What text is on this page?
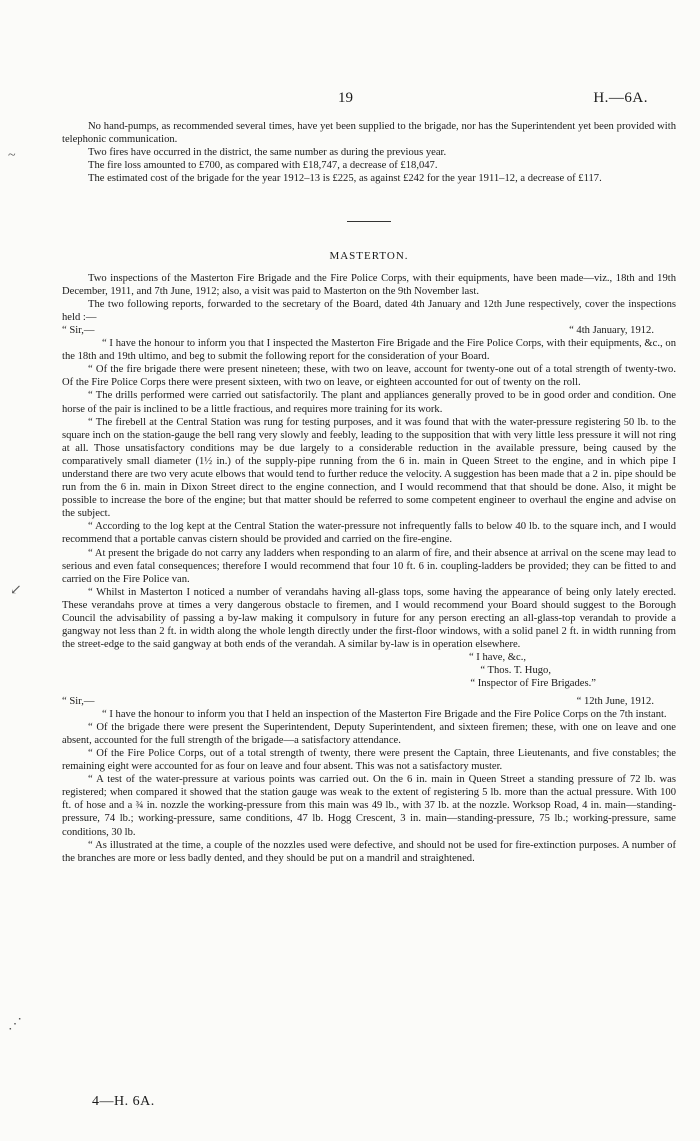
~
↙
⋰
19	H.—6A.

No hand-pumps, as recommended several times, have yet been supplied to the brigade, nor has the Superintendent yet been provided with telephonic communication.

Two fires have occurred in the district, the same number as during the previous year.

The fire loss amounted to £700, as compared with £18,747, a decrease of £18,047.

The estimated cost of the brigade for the year 1912–13 is £225, as against £242 for the year 1911–12, a decrease of £117.

MASTERTON.

Two inspections of the Masterton Fire Brigade and the Fire Police Corps, with their equipments, have been made—viz., 18th and 19th December, 1911, and 7th June, 1912; also, a visit was paid to Masterton on the 9th November last.

The two following reports, forwarded to the secretary of the Board, dated 4th January and 12th June respectively, cover the inspections held :—

“ Sir,—	“ 4th January, 1912.

“ I have the honour to inform you that I inspected the Masterton Fire Brigade and the Fire Police Corps, with their equipments, &c., on the 18th and 19th ultimo, and beg to submit the following report for the consideration of your Board.

“ Of the fire brigade there were present nineteen; these, with two on leave, account for twenty-one out of a total strength of twenty-two. Of the Fire Police Corps there were present sixteen, with two on leave, or eighteen accounted for out of twenty on the roll.

“ The drills performed were carried out satisfactorily. The plant and appliances generally proved to be in good order and condition. One horse of the pair is inclined to be a little fractious, and requires more training for its work.

“ The firebell at the Central Station was rung for testing purposes, and it was found that with the water-pressure registering 50 lb. to the square inch on the station-gauge the bell rang very slowly and feebly, leading to the supposition that with very little less pressure it will not ring at all. Those unsatisfactory conditions may be due largely to a considerable reduction in the available pressure, being caused by the comparatively small diameter (1½ in.) of the supply-pipe running from the 6 in. main in Queen Street to the engine, and in which pipe I understand there are two very acute elbows that would tend to further reduce the velocity. A suggestion has been made that a 2 in. pipe should be run from the 6 in. main in Dixon Street direct to the engine connection, and I would recommend that that should be done. Also, it might be possible to increase the bore of the engine; but that matter should be referred to some competent engineer to overhaul the engine and advise on the subject.

“ According to the log kept at the Central Station the water-pressure not infrequently falls to below 40 lb. to the square inch, and I would recommend that a portable canvas cistern should be provided and carried on the fire-engine.

“ At present the brigade do not carry any ladders when responding to an alarm of fire, and their absence at arrival on the scene may lead to serious and even fatal consequences; therefore I would recommend that four 10 ft. 6 in. coupling-ladders be provided; they can be fitted to and carried on the Fire Police van.

“ Whilst in Masterton I noticed a number of verandahs having all-glass tops, some having the appearance of being only lately erected. These verandahs prove at times a very dangerous obstacle to firemen, and I would recommend your Board should suggest to the Borough Council the advisability of passing a by-law making it compulsory in future for any person erecting an all-glass-top verandah to provide a gangway not less than 2 ft. in width along the whole length directly under the first-floor windows, with a solid panel 2 ft. in width running from the street-edge to the said gangway at both ends of the verandah. A similar by-law is in operation elsewhere.

“ I have, &c.,
“ Thos. T. Hugo,
“ Inspector of Fire Brigades.”
“ Sir,—	“ 12th June, 1912.

“ I have the honour to inform you that I held an inspection of the Masterton Fire Brigade and the Fire Police Corps on the 7th instant.

“ Of the brigade there were present the Superintendent, Deputy Superintendent, and sixteen firemen; these, with one on leave and one absent, accounted for the full strength of the brigade—a satisfactory attendance.

“ Of the Fire Police Corps, out of a total strength of twenty, there were present the Captain, three Lieutenants, and five constables; the remaining eight were accounted for as four on leave and four absent. This was not a satisfactory muster.

“ A test of the water-pressure at various points was carried out. On the 6 in. main in Queen Street a standing pressure of 72 lb. was registered; when compared it showed that the station gauge was weak to the extent of registering 5 lb. more than the actual pressure. With 100 ft. of hose and a ¾ in. nozzle the working-pressure from this main was 49 lb., with 37 lb. at the nozzle. Worksop Road, 4 in. main—standing-pressure, 74 lb.; working-pressure, same conditions, 47 lb. Hogg Crescent, 3 in. main—standing-pressure, 75 lb.; working-pressure, same conditions, 30 lb.

“ As illustrated at the time, a couple of the nozzles used were defective, and should not be used for fire-extinction purposes. A number of the branches are more or less badly dented, and they should be put on a mandril and straightened.

4—H. 6A.
